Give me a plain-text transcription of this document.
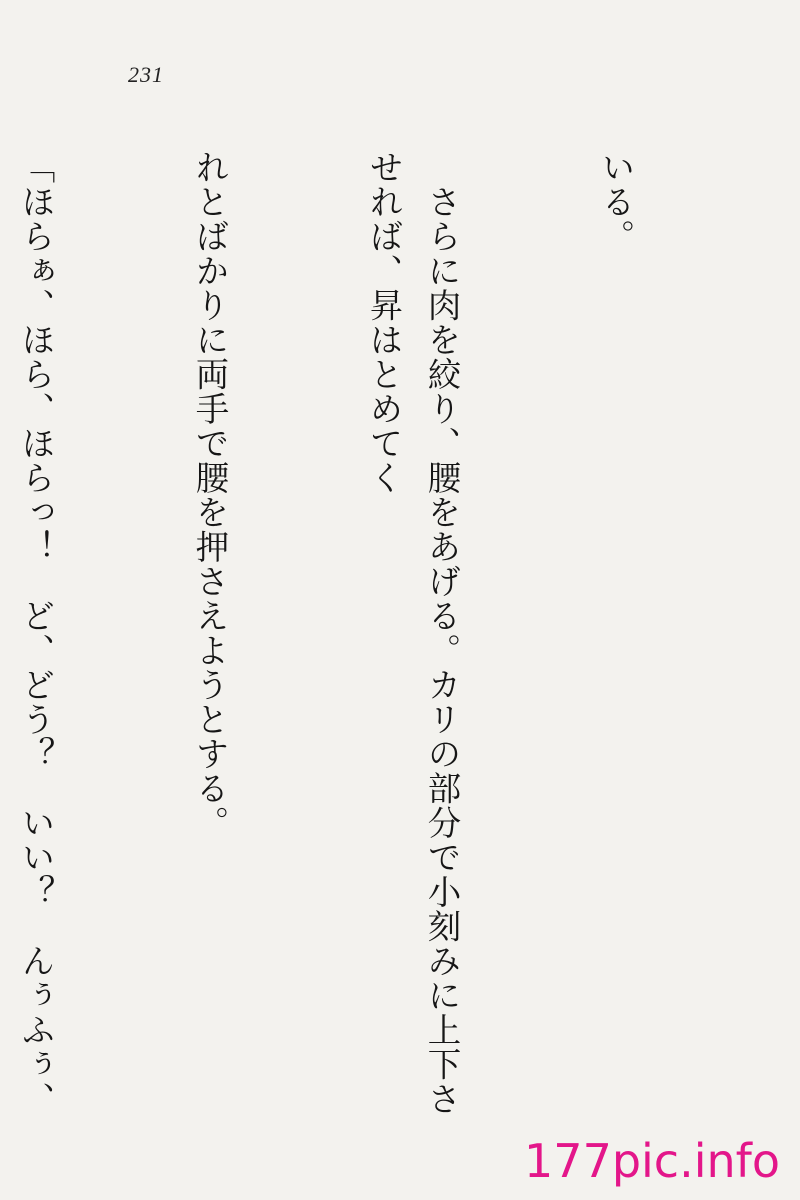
231

いる。

　さらに肉を絞り、腰をあげる。カリの部分で小刻みに上下させれば、昇はとめてく

れとばかりに両手で腰を押さえようとする。

「ほらぁ、ほら、ほらっ！　ど、どう？　いい？　んぅふぅ、

177pic.info
